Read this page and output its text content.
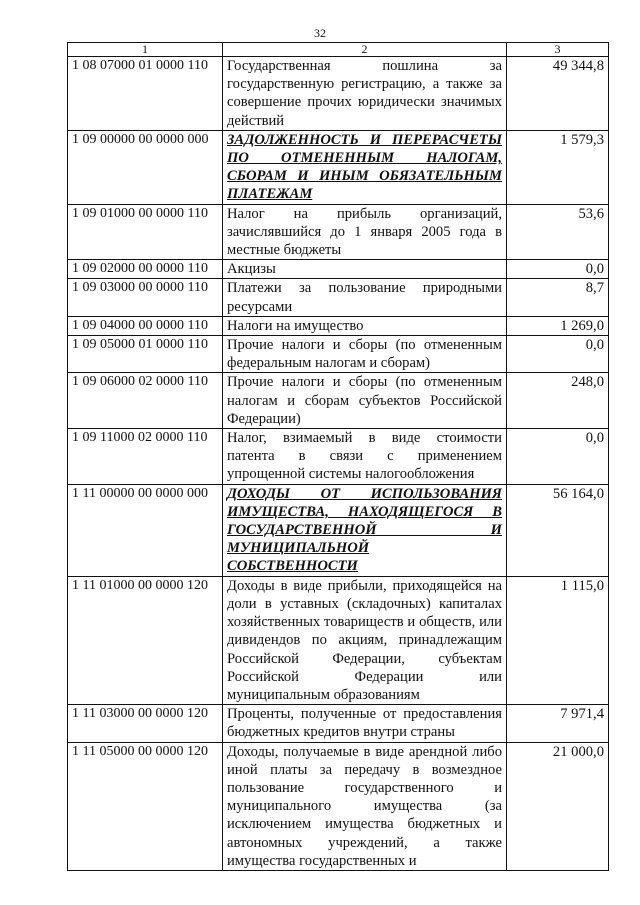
32
1	2	3
1 08 07000 01 0000 110	Государственная пошлина за государственную регистрацию, а также за совершение прочих юридически значимых действий	49 344,8
1 09 00000 00 0000 000	ЗАДОЛЖЕННОСТЬ И ПЕРЕРАСЧЕТЫ ПО ОТМЕНЕННЫМ НАЛОГАМ, СБОРАМ И ИНЫМ ОБЯЗАТЕЛЬНЫМ ПЛАТЕЖАМ	1 579,3
1 09 01000 00 0000 110	Налог на прибыль организаций, зачислявшийся до 1 января 2005 года в местные бюджеты	53,6
1 09 02000 00 0000 110	Акцизы	0,0
1 09 03000 00 0000 110	Платежи за пользование природными ресурсами	8,7
1 09 04000 00 0000 110	Налоги на имущество	1 269,0
1 09 05000 01 0000 110	Прочие налоги и сборы (по отмененным федеральным налогам и сборам)	0,0
1 09 06000 02 0000 110	Прочие налоги и сборы (по отмененным налогам и сборам субъектов Российской Федерации)	248,0
1 09 11000 02 0000 110	Налог, взимаемый в виде стоимости патента в связи с применением упрощенной системы налогообложения	0,0
1 11 00000 00 0000 000	ДОХОДЫ ОТ ИСПОЛЬЗОВАНИЯ ИМУЩЕСТВА, НАХОДЯЩЕГОСЯ В ГОСУДАРСТВЕННОЙ И МУНИЦИПАЛЬНОЙ СОБСТВЕННОСТИ	56 164,0
1 11 01000 00 0000 120	Доходы в виде прибыли, приходящейся на доли в уставных (складочных) капиталах хозяйственных товариществ и обществ, или дивидендов по акциям, принадлежащим Российской Федерации, субъектам Российской Федерации или муниципальным образованиям	1 115,0
1 11 03000 00 0000 120	Проценты, полученные от предоставления бюджетных кредитов внутри страны	7 971,4
1 11 05000 00 0000 120	Доходы, получаемые в виде арендной либо иной платы за передачу в возмездное пользование государственного и муниципального имущества (за исключением имущества бюджетных и автономных учреждений, а также имущества государственных и	21 000,0
